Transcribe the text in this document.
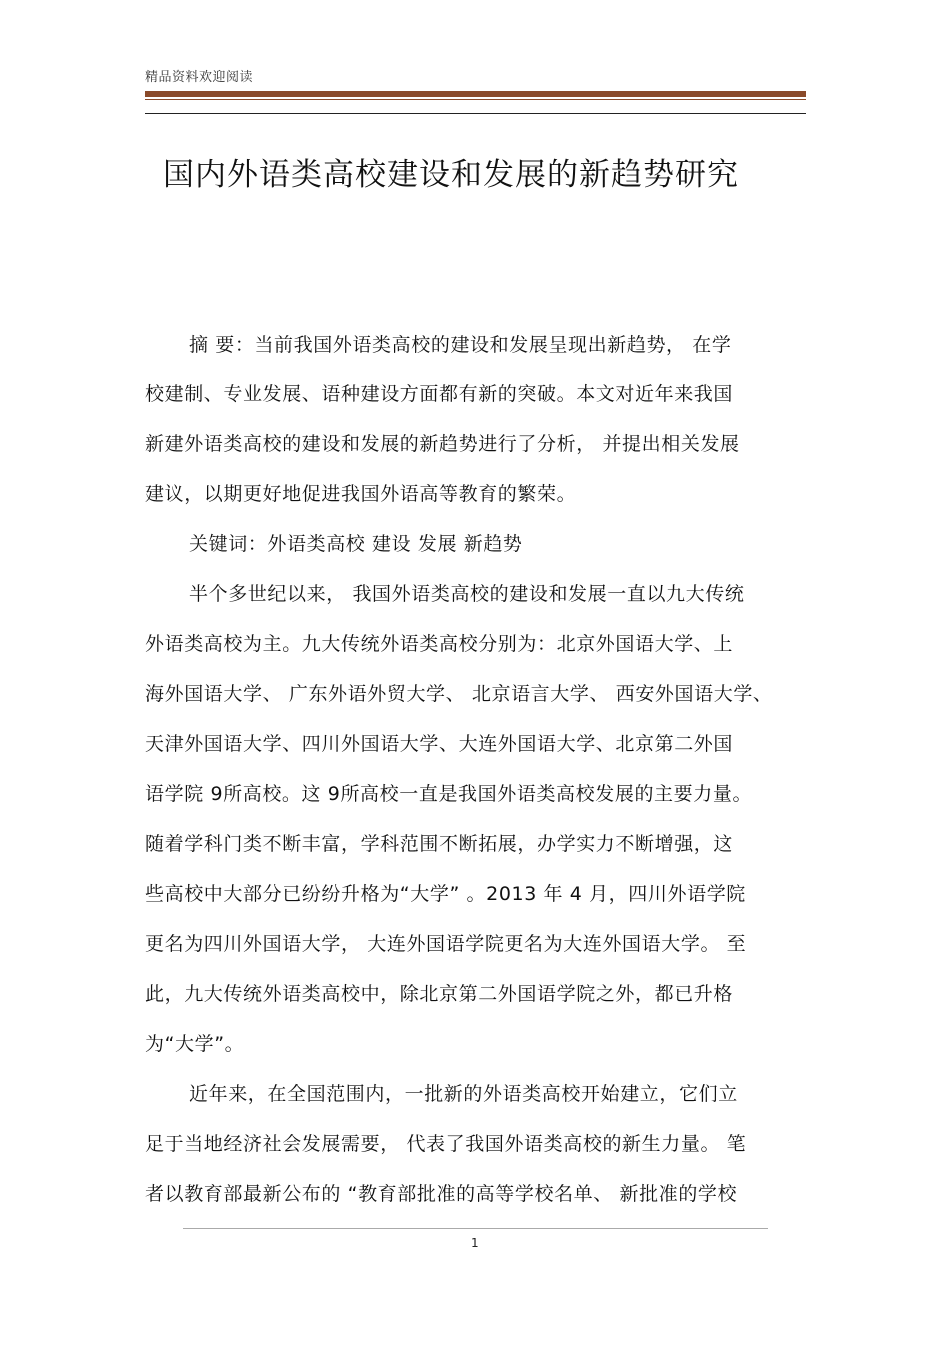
精品资料欢迎阅读
国内外语类高校建设和发展的新趋势研究
摘 要：当前我国外语类高校的建设和发展呈现出新趋势， 在学
校建制、专业发展、语种建设方面都有新的突破。本文对近年来我国
新建外语类高校的建设和发展的新趋势进行了分析， 并提出相关发展
建议，以期更好地促进我国外语高等教育的繁荣。
关键词：外语类高校 建设 发展 新趋势
半个多世纪以来， 我国外语类高校的建设和发展一直以九大传统
外语类高校为主。九大传统外语类高校分别为：北京外国语大学、上
海外国语大学、 广东外语外贸大学、 北京语言大学、 西安外国语大学、
天津外国语大学、四川外国语大学、大连外国语大学、北京第二外国
语学院 9所高校。这 9所高校一直是我国外语类高校发展的主要力量。
随着学科门类不断丰富，学科范围不断拓展，办学实力不断增强，这
些高校中大部分已纷纷升格为“大学” 。2013 年 4 月，四川外语学院
更名为四川外国语大学， 大连外国语学院更名为大连外国语大学。 至
此，九大传统外语类高校中，除北京第二外国语学院之外，都已升格
为“大学”。
近年来，在全国范围内，一批新的外语类高校开始建立，它们立
足于当地经济社会发展需要， 代表了我国外语类高校的新生力量。 笔
者以教育部最新公布的 “教育部批准的高等学校名单、 新批准的学校
1
